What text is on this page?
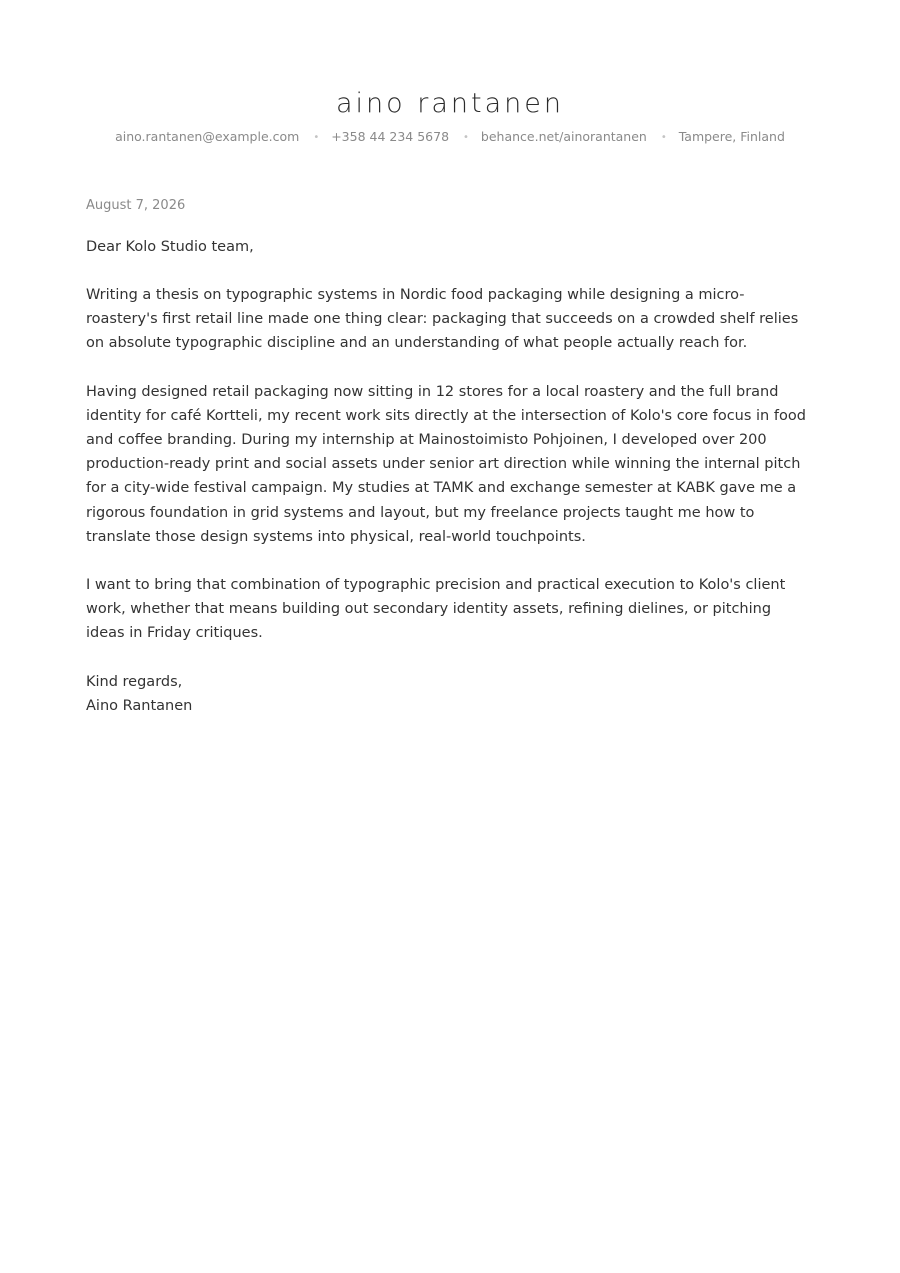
aino rantanen
aino.rantanen@example.com • +358 44 234 5678 • behance.net/ainorantanen • Tampere, Finland
August 7, 2026
Dear Kolo Studio team,

Writing a thesis on typographic systems in Nordic food packaging while designing a micro-roastery's first retail line made one thing clear: packaging that succeeds on a crowded shelf relies on absolute typographic discipline and an understanding of what people actually reach for.

Having designed retail packaging now sitting in 12 stores for a local roastery and the full brand identity for café Kortteli, my recent work sits directly at the intersection of Kolo's core focus in food and coffee branding. During my internship at Mainostoimisto Pohjoinen, I developed over 200 production-ready print and social assets under senior art direction while winning the internal pitch for a city-wide festival campaign. My studies at TAMK and exchange semester at KABK gave me a rigorous foundation in grid systems and layout, but my freelance projects taught me how to translate those design systems into physical, real-world touchpoints.

I want to bring that combination of typographic precision and practical execution to Kolo's client work, whether that means building out secondary identity assets, refining dielines, or pitching ideas in Friday critiques.

Kind regards,
Aino Rantanen
